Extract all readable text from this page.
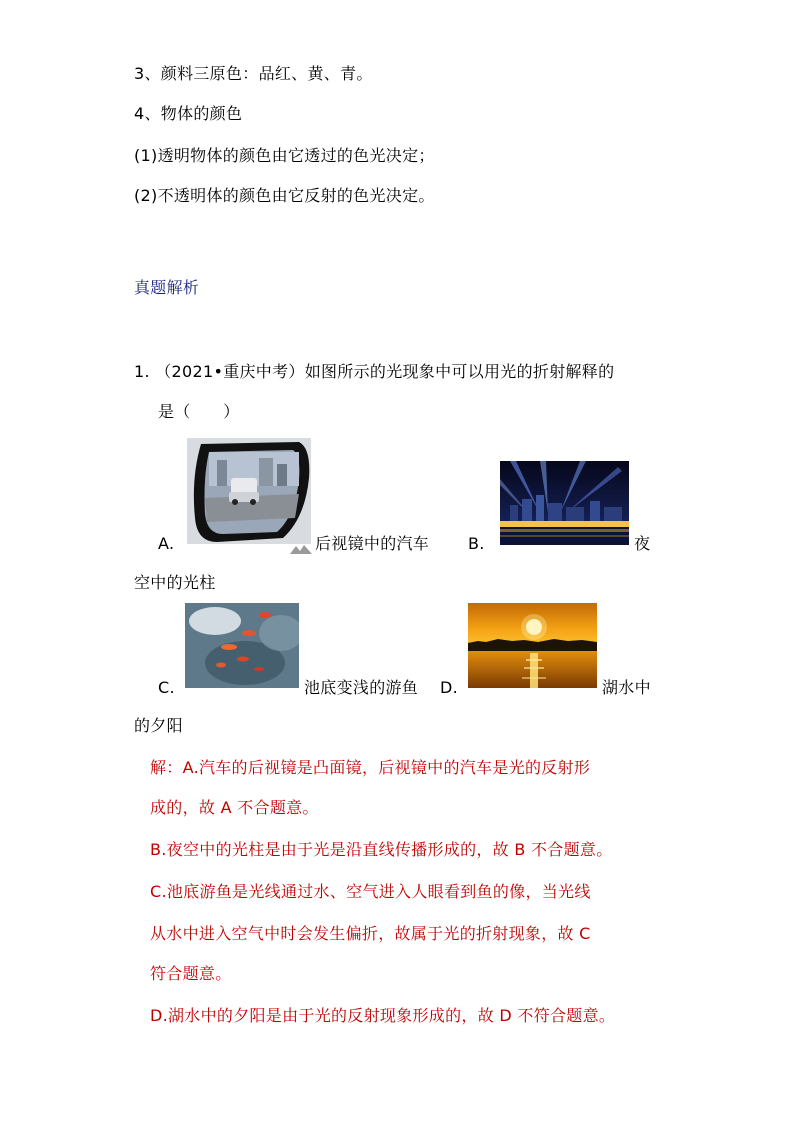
3、颜料三原色：品红、黄、青。
4、物体的颜色
(1)透明物体的颜色由它透过的色光决定；
(2)不透明体的颜色由它反射的色光决定。
真题解析
1. （2021•重庆中考）如图所示的光现象中可以用光的折射解释的
是（　　）
A.	后视镜中的汽车 B.	夜
空中的光柱
C.	池底变浅的游鱼 D.	湖水中
的夕阳
解：A.汽车的后视镜是凸面镜，后视镜中的汽车是光的反射形
成的，故 A 不合题意。
B.夜空中的光柱是由于光是沿直线传播形成的，故 B 不合题意。
C.池底游鱼是光线通过水、空气进入人眼看到鱼的像，当光线
从水中进入空气中时会发生偏折，故属于光的折射现象，故 C
符合题意。
D.湖水中的夕阳是由于光的反射现象形成的，故 D 不符合题意。
